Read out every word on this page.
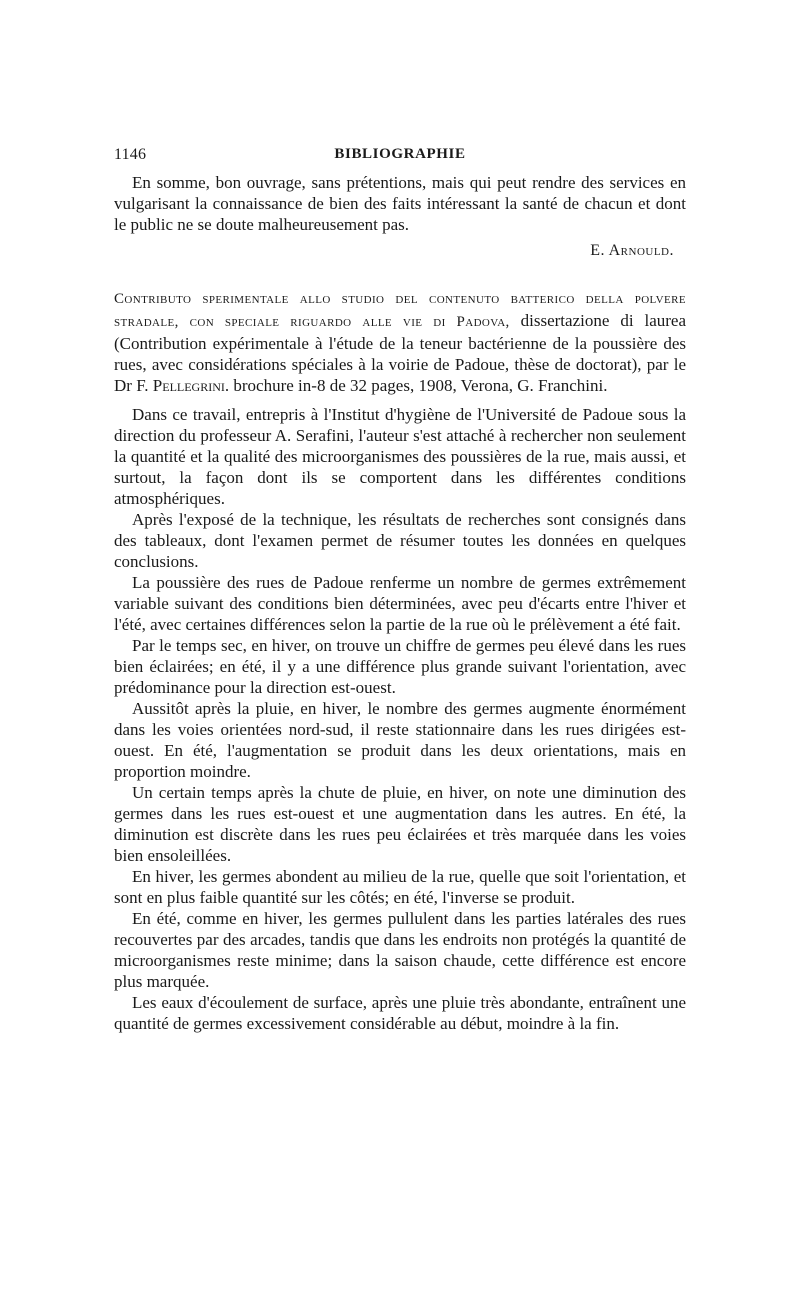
1146	BIBLIOGRAPHIE

En somme, bon ouvrage, sans prétentions, mais qui peut rendre des services en vulgarisant la connaissance de bien des faits intéressant la santé de chacun et dont le public ne se doute malheureusement pas.

E. Arnould.
Contributo sperimentale allo studio del contenuto batterico della polvere stradale, con speciale riguardo alle vie di Padova, dissertazione di laurea (Contribution expérimentale à l'étude de la teneur bactérienne de la poussière des rues, avec considérations spéciales à la voirie de Padoue, thèse de doctorat), par le Dr F. Pellegrini. brochure in-8 de 32 pages, 1908, Verona, G. Franchini.

Dans ce travail, entrepris à l'Institut d'hygiène de l'Université de Padoue sous la direction du professeur A. Serafini, l'auteur s'est attaché à rechercher non seulement la quantité et la qualité des microorganismes des poussières de la rue, mais aussi, et surtout, la façon dont ils se comportent dans les différentes conditions atmosphériques.

Après l'exposé de la technique, les résultats de recherches sont consignés dans des tableaux, dont l'examen permet de résumer toutes les données en quelques conclusions.

La poussière des rues de Padoue renferme un nombre de germes extrêmement variable suivant des conditions bien déterminées, avec peu d'écarts entre l'hiver et l'été, avec certaines différences selon la partie de la rue où le prélèvement a été fait.

Par le temps sec, en hiver, on trouve un chiffre de germes peu élevé dans les rues bien éclairées; en été, il y a une différence plus grande suivant l'orientation, avec prédominance pour la direction est-ouest.

Aussitôt après la pluie, en hiver, le nombre des germes augmente énormément dans les voies orientées nord-sud, il reste stationnaire dans les rues dirigées est-ouest. En été, l'augmentation se produit dans les deux orientations, mais en proportion moindre.

Un certain temps après la chute de pluie, en hiver, on note une diminution des germes dans les rues est-ouest et une augmentation dans les autres. En été, la diminution est discrète dans les rues peu éclairées et très marquée dans les voies bien ensoleillées.

En hiver, les germes abondent au milieu de la rue, quelle que soit l'orientation, et sont en plus faible quantité sur les côtés; en été, l'inverse se produit.

En été, comme en hiver, les germes pullulent dans les parties latérales des rues recouvertes par des arcades, tandis que dans les endroits non protégés la quantité de microorganismes reste minime; dans la saison chaude, cette différence est encore plus marquée.

Les eaux d'écoulement de surface, après une pluie très abondante, entraînent une quantité de germes excessivement considérable au début, moindre à la fin.
